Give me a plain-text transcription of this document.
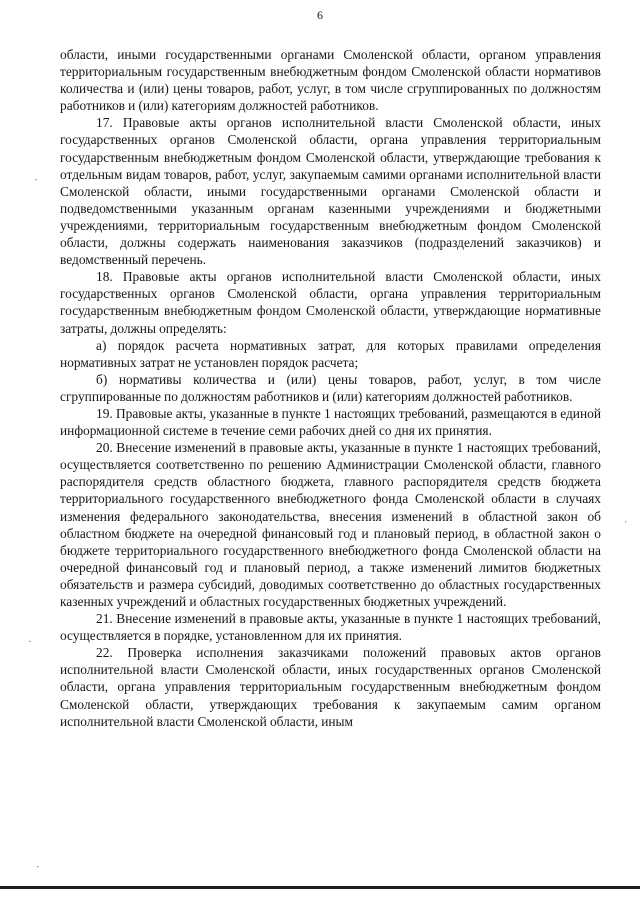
6

области, иными государственными органами Смоленской области, органом управления территориальным государственным внебюджетным фондом Смоленской области нормативов количества и (или) цены товаров, работ, услуг, в том числе сгруппированных по должностям работников и (или) категориям должностей работников.

17. Правовые акты органов исполнительной власти Смоленской области, иных государственных органов Смоленской области, органа управления территориальным государственным внебюджетным фондом Смоленской области, утверждающие требования к отдельным видам товаров, работ, услуг, закупаемым самими органами исполнительной власти Смоленской области, иными государственными органами Смоленской области и подведомственными указанным органам казенными учреждениями и бюджетными учреждениями, территориальным государственным внебюджетным фондом Смоленской области, должны содержать наименования заказчиков (подразделений заказчиков) и ведомственный перечень.

18. Правовые акты органов исполнительной власти Смоленской области, иных государственных органов Смоленской области, органа управления территориальным государственным внебюджетным фондом Смоленской области, утверждающие нормативные затраты, должны определять:

а) порядок расчета нормативных затрат, для которых правилами определения нормативных затрат не установлен порядок расчета;

б) нормативы количества и (или) цены товаров, работ, услуг, в том числе сгруппированные по должностям работников и (или) категориям должностей работников.

19. Правовые акты, указанные в пункте 1 настоящих требований, размещаются в единой информационной системе в течение семи рабочих дней со дня их принятия.

20. Внесение изменений в правовые акты, указанные в пункте 1 настоящих требований, осуществляется соответственно по решению Администрации Смоленской области, главного распорядителя средств областного бюджета, главного распорядителя средств бюджета территориального государственного внебюджетного фонда Смоленской области в случаях изменения федерального законодательства, внесения изменений в областной закон об областном бюджете на очередной финансовый год и плановый период, в областной закон о бюджете территориального государственного внебюджетного фонда Смоленской области на очередной финансовый год и плановый период, а также изменений лимитов бюджетных обязательств и размера субсидий, доводимых соответственно до областных государственных казенных учреждений и областных государственных бюджетных учреждений.

21. Внесение изменений в правовые акты, указанные в пункте 1 настоящих требований, осуществляется в порядке, установленном для их принятия.

22. Проверка исполнения заказчиками положений правовых актов органов исполнительной власти Смоленской области, иных государственных органов Смоленской области, органа управления территориальным государственным внебюджетным фондом Смоленской области, утверждающих требования к закупаемым самим органом исполнительной власти Смоленской области, иным

ˏ
·
ˌ
ˏ
